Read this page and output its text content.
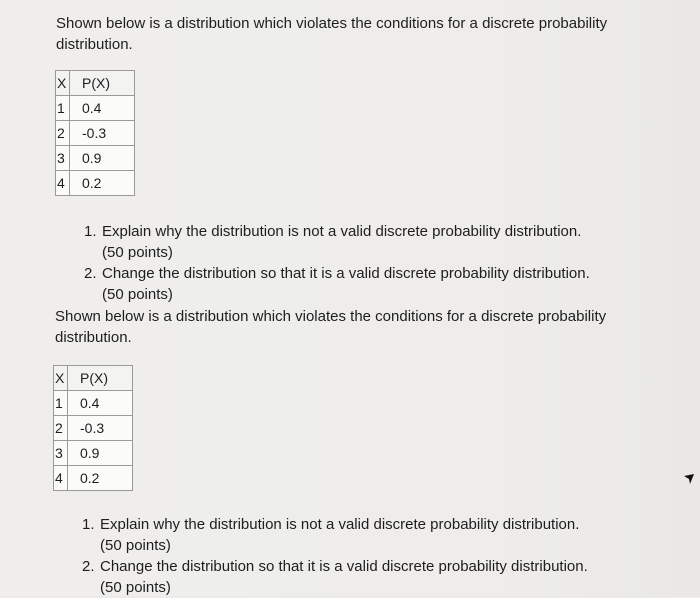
Shown below is a distribution which violates the conditions for a discrete probability distribution.

X	P(X)
1	0.4
2	-0.3
3	0.9
4	0.2
1. Explain why the distribution is not a valid discrete probability distribution.
(50 points)
2. Change the distribution so that it is a valid discrete probability distribution.
(50 points)

Shown below is a distribution which violates the conditions for a discrete probability distribution.

X	P(X)
1	0.4
2	-0.3
3	0.9
4	0.2
1. Explain why the distribution is not a valid discrete probability distribution.
(50 points)
2. Change the distribution so that it is a valid discrete probability distribution.
(50 points)
